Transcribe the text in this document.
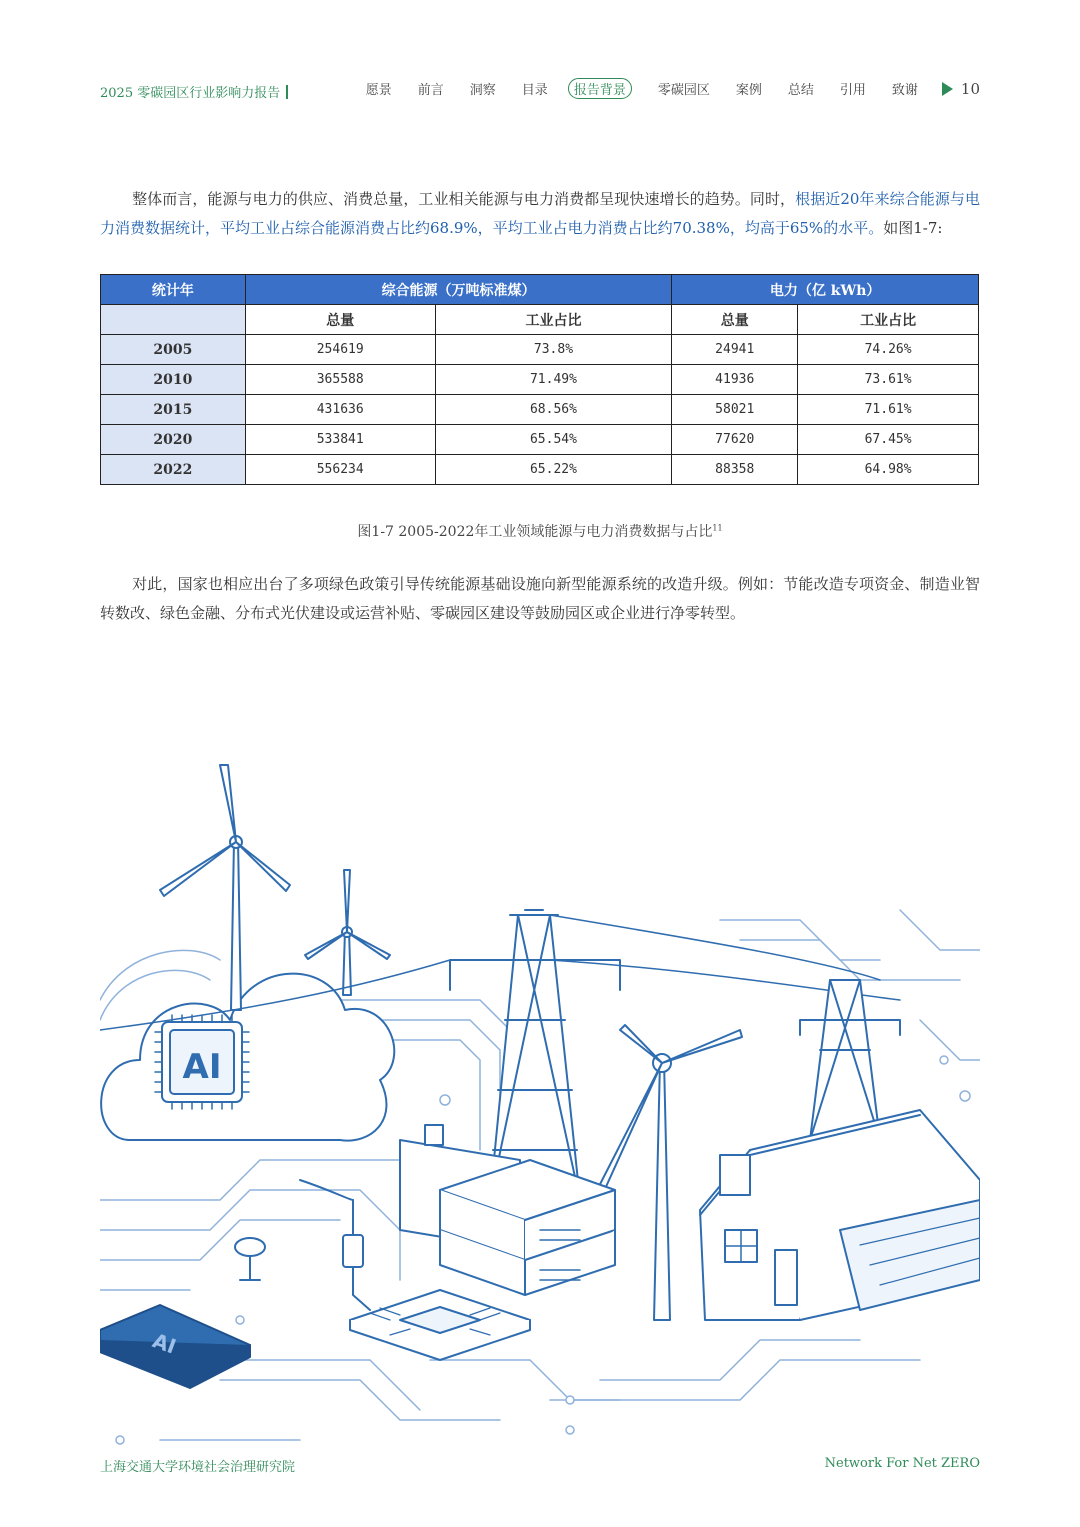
2025 零碳园区行业影响力报告	愿景 前言 洞察 目录	报告背景	零碳园区 案例 总结 引用 致谢	10
整体而言，能源与电力的供应、消费总量，工业相关能源与电力消费都呈现快速增长的趋势。同时，根据近20年来综合能源与电力消费数据统计，平均工业占综合能源消费占比约68.9%，平均工业占电力消费占比约70.38%，均高于65%的水平。如图1-7:
统计年	综合能源（万吨标准煤）		电力（亿 kWh）	
	总量	工业占比	总量	工业占比
2005	254619	73.8%	24941	74.26%
2010	365588	71.49%	41936	73.61%
2015	431636	68.56%	58021	71.61%
2020	533841	65.54%	77620	67.45%
2022	556234	65.22%	88358	64.98%
图1-7 2005-2022年工业领域能源与电力消费数据与占比$^{11}$
对此，国家也相应出台了多项绿色政策引导传统能源基础设施向新型能源系统的改造升级。例如：节能改造专项资金、制造业智转数改、绿色金融、分布式光伏建设或运营补贴、零碳园区建设等鼓励园区或企业进行净零转型。
AI
AI
上海交通大学环境社会治理研究院	Network For Net ZERO
